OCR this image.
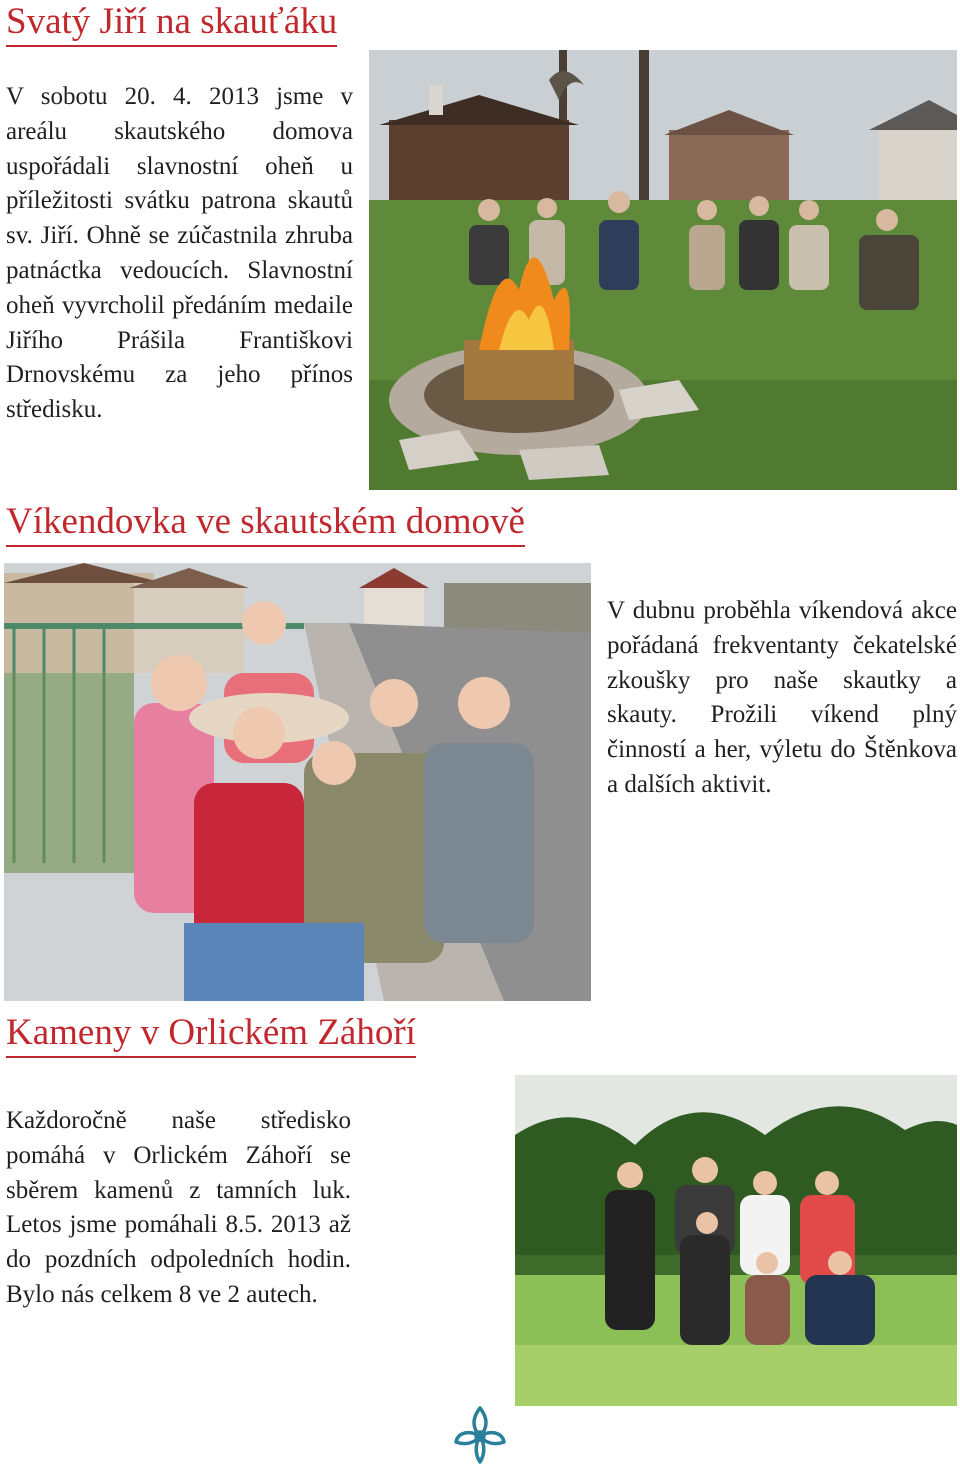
Svatý Jiří na skauťáku

V sobotu 20. 4. 2013 jsme v areálu skautského domova uspořádali slavnostní oheň u příležitosti svátku patrona skautů sv. Jiří. Ohně se zúčastnila zhruba patnáctka vedoucích. Slavnostní oheň vyvrcholil předáním medaile Jiřího Prášila Františkovi Drnovskému za jeho přínos středisku.

Víkendovka ve skautském domově

V dubnu proběhla víkendová akce pořádaná frekventanty čekatelské zkoušky pro naše skautky a skauty. Prožili víkend plný činností a her, výletu do Štěnkova a dalších aktivit.

Kameny v Orlickém Záhoří

Každoročně naše středisko pomáhá v Orlickém Záhoří se sběrem kamenů z tamních luk. Letos jsme pomáhali 8.5. 2013 až do pozdních odpoledních hodin. Bylo nás celkem 8 ve 2 autech.
